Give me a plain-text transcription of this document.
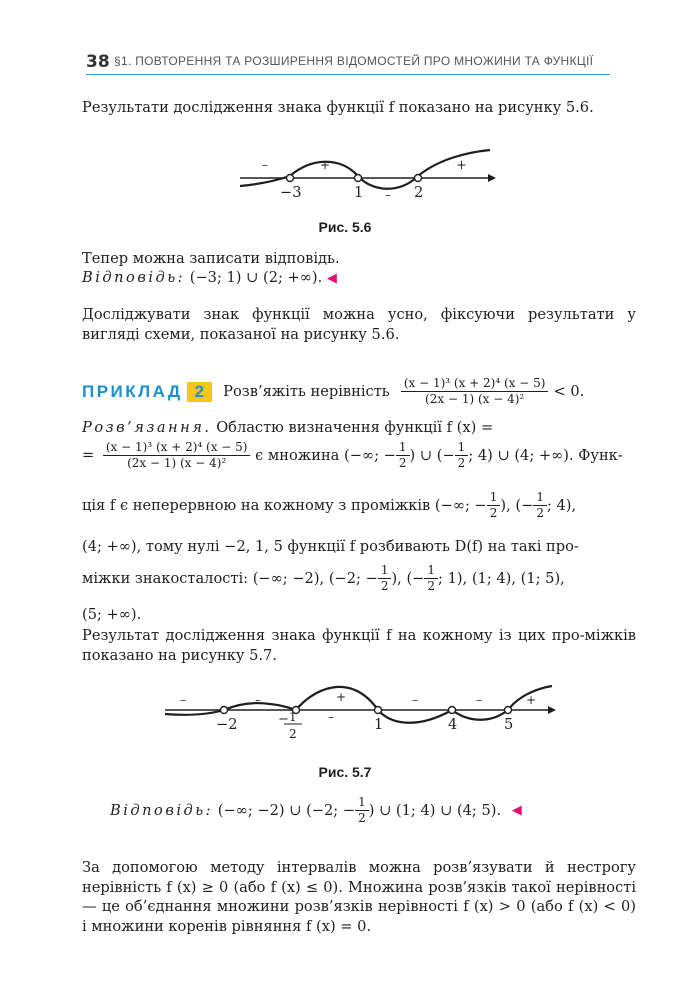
38 §1. ПОВТОРЕННЯ ТА РОЗШИРЕННЯ ВІДОМОСТЕЙ ПРО МНОЖИНИ ТА ФУНКЦІЇ
Результати дослідження знака функції f показано на рисунку 5.6.
−3	1	2
–	+
–
+
Рис. 5.6
Тепер можна записати відповідь.
Відповідь: (−3; 1) ∪ (2; +∞). ◀
Досліджувати знак функції можна усно, фіксуючи результати у вигляді схеми, показаної на рисунку 5.6.
ПРИКЛАД 2 Розв’яжіть нерівність $\frac{\text{(x − 1)³ (x + 2)⁴ (x − 5)}}{\text{(2x − 1) (x − 4)²}} < 0$.
Розв’язання. Областю визначення функції f (x) =
= $\frac{\text{(x − 1)³ (x + 2)⁴ (x − 5)}}{\text{(2x − 1) (x − 4)²}}$ є множина (−∞; − $\frac{1}{2}$ ) ∪ (− $\frac{1}{2}$ ; 4) ∪ (4; +∞). Функ-
ція f є неперервною на кожному з проміжків (−∞; − $\frac{1}{2}$ ), (− $\frac{1}{2}$ ; 4),
(4; +∞), тому нулі −2, 1, 5 функції f розбивають D(f) на такі про-
міжки знакосталості: (−∞; −2), (−2; − $\frac{1}{2}$ ), (− $\frac{1}{2}$ ; 1), (1; 4), (1; 5),
(5; +∞).
Результат дослідження знака функції f на кожному із цих про-міжків показано на рисунку 5.7.
−2	− 1
2
1	4	5
–	–
–
+	–	–	+
Рис. 5.7
Відповідь: (−∞; −2) ∪ (−2; − $\frac{1}{2}$ ) ∪ (1; 4) ∪ (4; 5). ◀
За допомогою методу інтервалів можна розв’язувати й нестрогу нерівність f (x) ≥ 0 (або f (x) ≤ 0). Множина розв’язків такої нерівності — це об’єднання множини розв’язків нерівності f (x) > 0 (або f (x) < 0) і множини коренів рівняння f (x) = 0.
